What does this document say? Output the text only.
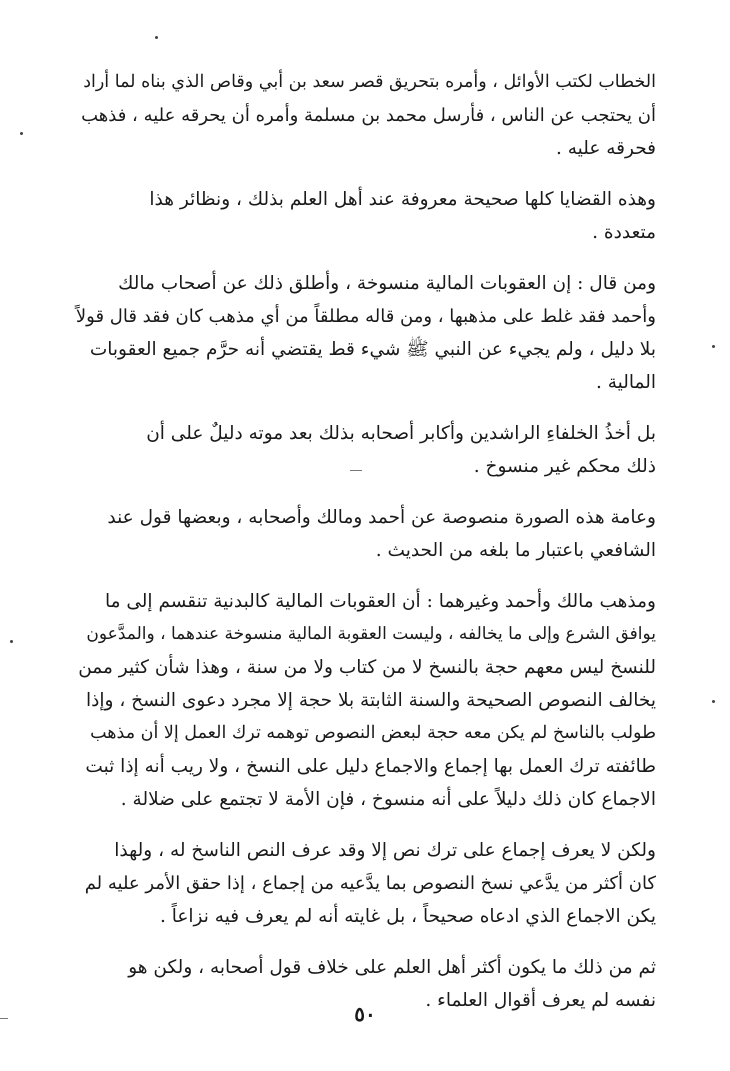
الخطاب لكتب الأوائل ، وأمره بتحريق قصر سعد بن أبي وقاص الذي بناه لما أراد
أن يحتجب عن الناس ، فأرسل محمد بن مسلمة وأمره أن يحرقه عليه ، فذهب
فحرقه عليه .

وهذه القضايا كلها صحيحة معروفة عند أهل العلم بذلك ، ونظائر هذا
متعددة .

ومن قال : إن العقوبات المالية منسوخة ، وأطلق ذلك عن أصحاب مالك
وأحمد فقد غلط على مذهبها ، ومن قاله مطلقاً من أي مذهب كان فقد قال قولاً
بلا دليل ، ولم يجيء عن النبي ﷺ شيء قط يقتضي أنه حرَّم جميع العقوبات
المالية .

بل أخذُ الخلفاءِ الراشدين وأكابر أصحابه بذلك بعد موته دليلٌ على أن
ذلك محكم غير منسوخ .

وعامة هذه الصورة منصوصة عن أحمد ومالك وأصحابه ، وبعضها قول عند
الشافعي باعتبار ما بلغه من الحديث .

ومذهب مالك وأحمد وغيرهما : أن العقوبات المالية كالبدنية تنقسم إلى ما
يوافق الشرع وإلى ما يخالفه ، وليست العقوبة المالية منسوخة عندهما ، والمدَّعون
للنسخ ليس معهم حجة بالنسخ لا من كتاب ولا من سنة ، وهذا شأن كثير ممن
يخالف النصوص الصحيحة والسنة الثابتة بلا حجة إلا مجرد دعوى النسخ ، وإذا
طولب بالناسخ لم يكن معه حجة لبعض النصوص توهمه ترك العمل إلا أن مذهب
طائفته ترك العمل بها إجماع والاجماع دليل على النسخ ، ولا ريب أنه إذا ثبت
الاجماع كان ذلك دليلاً على أنه منسوخ ، فإن الأمة لا تجتمع على ضلالة .

ولكن لا يعرف إجماع على ترك نص إلا وقد عرف النص الناسخ له ، ولهذا
كان أكثر من يدَّعي نسخ النصوص بما يدَّعيه من إجماع ، إذا حقق الأمر عليه لم
يكن الاجماع الذي ادعاه صحيحاً ، بل غايته أنه لم يعرف فيه نزاعاً .

ثم من ذلك ما يكون أكثر أهل العلم على خلاف قول أصحابه ، ولكن هو
نفسه لم يعرف أقوال العلماء .

٥٠
